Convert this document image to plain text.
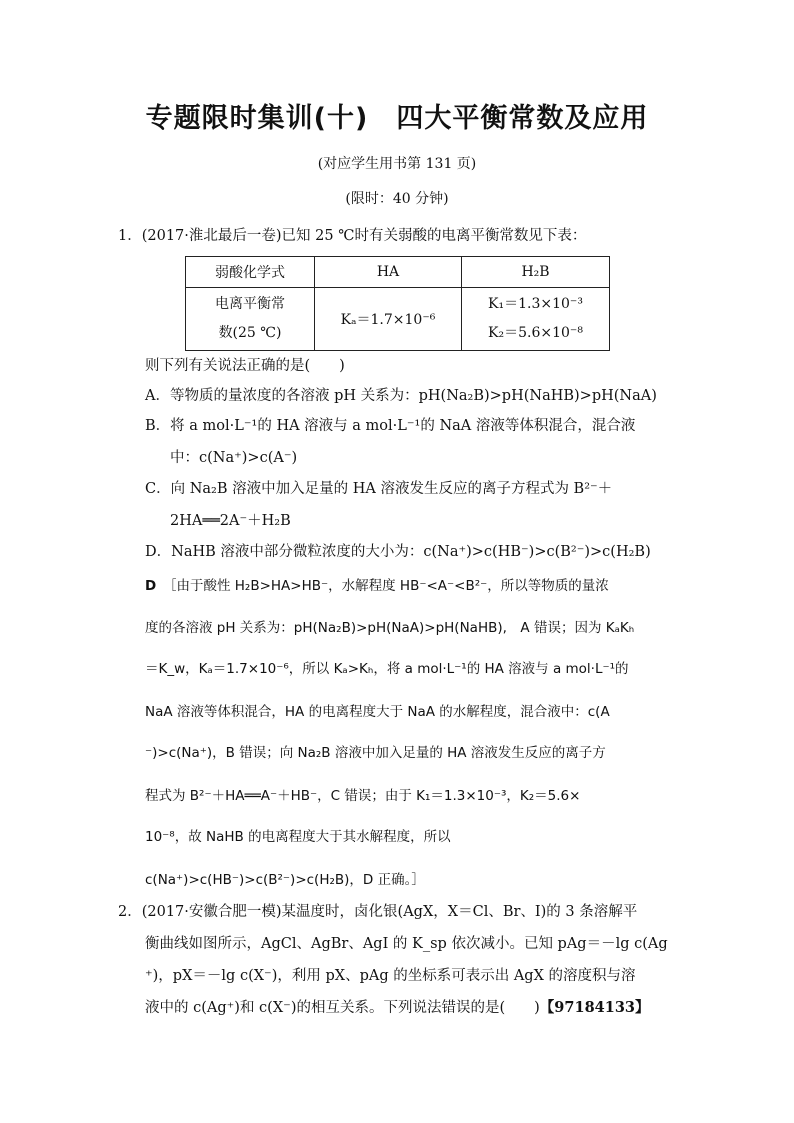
专题限时集训(十)　四大平衡常数及应用
(对应学生用书第 131 页)
(限时：40 分钟)
1．(2017·淮北最后一卷)已知 25 ℃时有关弱酸的电离平衡常数见下表：
弱酸化学式	HA	H₂B

电离平衡常
数(25 ℃)	Kₐ＝1.7×10⁻⁶	K₁＝1.3×10⁻³
K₂＝5.6×10⁻⁸
则下列有关说法正确的是(　　)
A．等物质的量浓度的各溶液 pH 关系为：pH(Na₂B)>pH(NaHB)>pH(NaA)
B．将 a mol·L⁻¹的 HA 溶液与 a mol·L⁻¹的 NaA 溶液等体积混合，混合液
中：c(Na⁺)>c(A⁻)
C．向 Na₂B 溶液中加入足量的 HA 溶液发生反应的离子方程式为 B²⁻＋
2HA══2A⁻＋H₂B
D．NaHB 溶液中部分微粒浓度的大小为：c(Na⁺)>c(HB⁻)>c(B²⁻)>c(H₂B)
D　 ［由于酸性 H₂B>HA>HB⁻，水解程度 HB⁻<A⁻<B²⁻，所以等物质的量浓
度的各溶液 pH 关系为：pH(Na₂B)>pH(NaA)>pH(NaHB),　A 错误；因为 KₐKₕ
＝K_w，Kₐ＝1.7×10⁻⁶，所以 Kₐ>Kₕ，将 a mol·L⁻¹的 HA 溶液与 a mol·L⁻¹的
NaA 溶液等体积混合，HA 的电离程度大于 NaA 的水解程度，混合液中：c(A
⁻)>c(Na⁺)，B 错误；向 Na₂B 溶液中加入足量的 HA 溶液发生反应的离子方
程式为 B²⁻＋HA══A⁻＋HB⁻，C 错误；由于 K₁＝1.3×10⁻³，K₂＝5.6×
10⁻⁸，故 NaHB 的电离程度大于其水解程度，所以
c(Na⁺)>c(HB⁻)>c(B²⁻)>c(H₂B)，D 正确。］
2．(2017·安徽合肥一模)某温度时，卤化银(AgX，X＝Cl、Br、I)的 3 条溶解平
衡曲线如图所示，AgCl、AgBr、AgI 的 K_sp 依次减小。已知 pAg＝－lg c(Ag
⁺)，pX＝－lg c(X⁻)，利用 pX、pAg 的坐标系可表示出 AgX 的溶度积与溶
液中的 c(Ag⁺)和 c(X⁻)的相互关系。下列说法错误的是(　　)【97184133】
